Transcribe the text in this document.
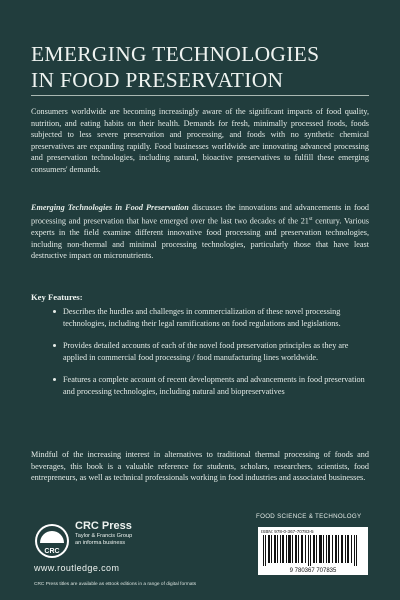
EMERGING TECHNOLOGIES
IN FOOD PRESERVATION

Consumers worldwide are becoming increasingly aware of the significant impacts of food quality, nutrition, and eating habits on their health. Demands for fresh, minimally processed foods, foods subjected to less severe preservation and processing, and foods with no synthetic chemical preservatives are expanding rapidly. Food businesses worldwide are innovating advanced processing and preservation technologies, including natural, bioactive preservatives to fulfill these emerging consumers' demands.

Emerging Technologies in Food Preservation discusses the innovations and advancements in food processing and preservation that have emerged over the last two decades of the 21st century. Various experts in the field examine different innovative food processing and preservation technologies, including non-thermal and minimal processing technologies, particularly those that have least destructive impact on micronutrients.

Key Features:

Describes the hurdles and challenges in commercialization of these novel processing technologies, including their legal ramifications on food regulations and legislations.
Provides detailed accounts of each of the novel food preservation principles as they are applied in commercial food processing / food manufacturing lines worldwide.
Features a complete account of recent developments and advancements in food preservation and processing technologies, including natural and biopreservatives

Mindful of the increasing interest in alternatives to traditional thermal processing of foods and beverages, this book is a valuable reference for students, scholars, researchers, scientists, food entrepreneurs, as well as technical professionals working in food industries and associated businesses.

FOOD SCIENCE & TECHNOLOGY
ISBN: 978-0-367-70783-5
9 780367 707835
CRC
CRC Press
Taylor & Francis Group
an informa business
www.routledge.com
CRC Press titles are available as eBook editions in a range of digital formats
